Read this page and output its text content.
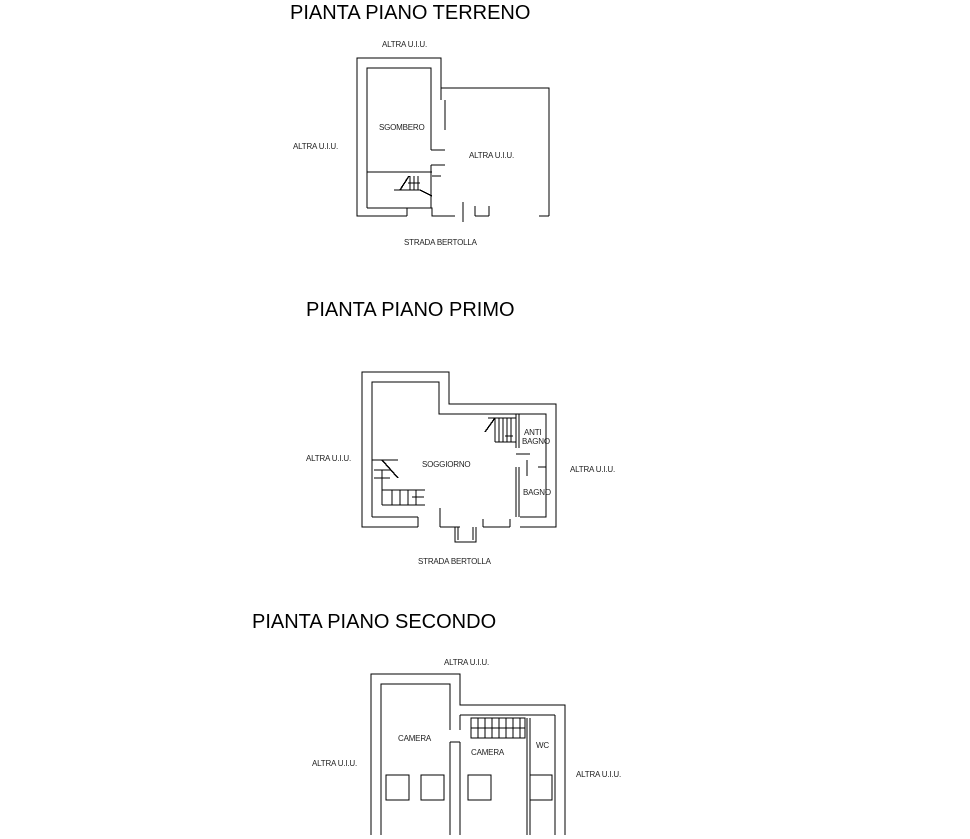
PIANTA PIANO TERRENO
ALTRA U.I.U.
ALTRA U.I.U.
ALTRA U.I.U.
SGOMBERO
STRADA BERTOLLA
PIANTA PIANO PRIMO
ALTRA U.I.U.
ALTRA U.I.U.
SOGGIORNO
ANTI
BAGNO
BAGNO
STRADA BERTOLLA
PIANTA PIANO SECONDO
ALTRA U.I.U.
ALTRA U.I.U.
ALTRA U.I.U.
CAMERA
CAMERA
WC
